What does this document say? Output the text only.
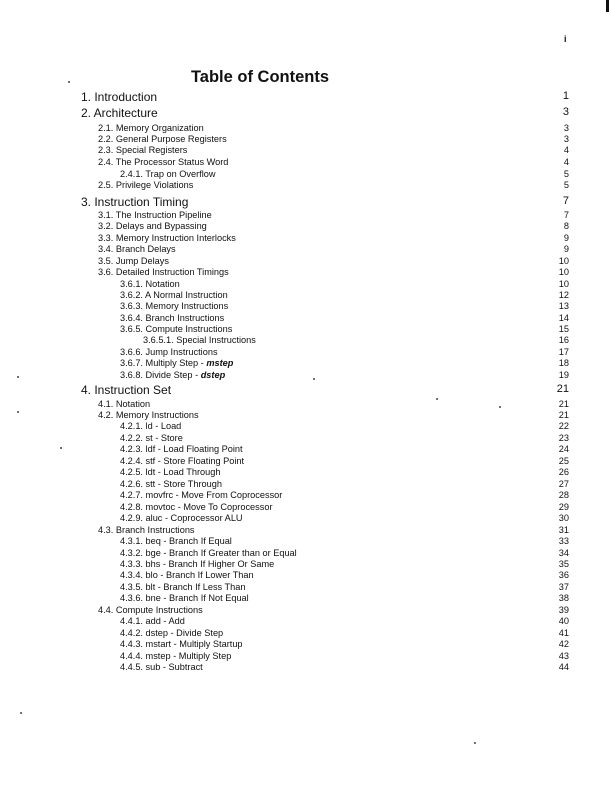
i
Table of Contents
1. Introduction	1
2. Architecture	3
2.1. Memory Organization	3
2.2. General Purpose Registers	3
2.3. Special Registers	4
2.4. The Processor Status Word	4
2.4.1. Trap on Overflow	5
2.5. Privilege Violations	5
3. Instruction Timing	7
3.1. The Instruction Pipeline	7
3.2. Delays and Bypassing	8
3.3. Memory Instruction Interlocks	9
3.4. Branch Delays	9
3.5. Jump Delays	10
3.6. Detailed Instruction Timings	10
3.6.1. Notation	10
3.6.2. A Normal Instruction	12
3.6.3. Memory Instructions	13
3.6.4. Branch Instructions	14
3.6.5. Compute Instructions	15
3.6.5.1. Special Instructions	16
3.6.6. Jump Instructions	17
3.6.7. Multiply Step - mstep	18
3.6.8. Divide Step - dstep	19
4. Instruction Set	21
4.1. Notation	21
4.2. Memory Instructions	21
4.2.1. ld - Load	22
4.2.2. st - Store	23
4.2.3. ldf - Load Floating Point	24
4.2.4. stf - Store Floating Point	25
4.2.5. ldt - Load Through	26
4.2.6. stt - Store Through	27
4.2.7. movfrc - Move From Coprocessor	28
4.2.8. movtoc - Move To Coprocessor	29
4.2.9. aluc - Coprocessor ALU	30
4.3. Branch Instructions	31
4.3.1. beq - Branch If Equal	33
4.3.2. bge - Branch If Greater than or Equal	34
4.3.3. bhs - Branch If Higher Or Same	35
4.3.4. blo - Branch If Lower Than	36
4.3.5. blt - Branch If Less Than	37
4.3.6. bne - Branch If Not Equal	38
4.4. Compute Instructions	39
4.4.1. add - Add	40
4.4.2. dstep - Divide Step	41
4.4.3. mstart - Multiply Startup	42
4.4.4. mstep - Multiply Step	43
4.4.5. sub - Subtract	44
